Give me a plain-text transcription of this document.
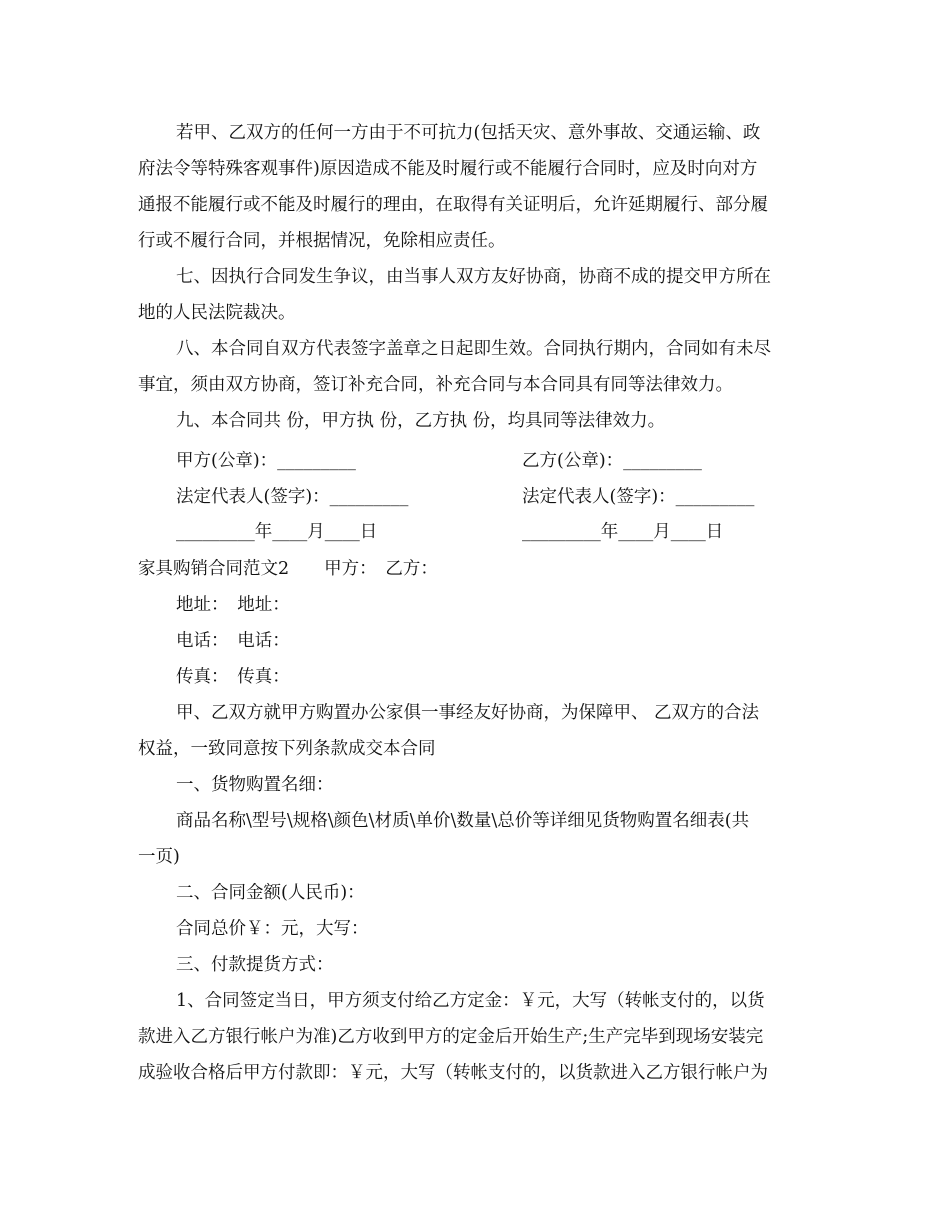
若甲、乙双方的任何一方由于不可抗力(包括天灾、意外事故、交通运输、政
府法令等特殊客观事件)原因造成不能及时履行或不能履行合同时，应及时向对方
通报不能履行或不能及时履行的理由，在取得有关证明后，允许延期履行、部分履
行或不履行合同，并根据情况，免除相应责任。
七、因执行合同发生争议，由当事人双方友好协商，协商不成的提交甲方所在
地的人民法院裁决。
八、本合同自双方代表签字盖章之日起即生效。合同执行期内，合同如有未尽
事宜，须由双方协商，签订补充合同，补充合同与本合同具有同等法律效力。
九、本合同共 份，甲方执 份，乙方执 份，均具同等法律效力。
甲方(公章)：_________	乙方(公章)：_________
法定代表人(签字)：_________	法定代表人(签字)：_________
_________年____月____日	_________年____月____日
家具购销合同范文2　　甲方：　乙方：
地址：　地址：
电话：　电话：
传真：　传真：
甲、乙双方就甲方购置办公家俱一事经友好协商，为保障甲、 乙双方的合法
权益，一致同意按下列条款成交本合同
一、货物购置名细：
商品名称\型号\规格\颜色\材质\单价\数量\总价等详细见货物购置名细表(共
一页)
二、合同金额(人民币)：
合同总价￥：元，大写：
三、付款提货方式：
1、合同签定当日，甲方须支付给乙方定金：￥元，大写（转帐支付的，以货
款进入乙方银行帐户为准)乙方收到甲方的定金后开始生产;生产完毕到现场安装完
成验收合格后甲方付款即：￥元，大写（转帐支付的，以货款进入乙方银行帐户为
